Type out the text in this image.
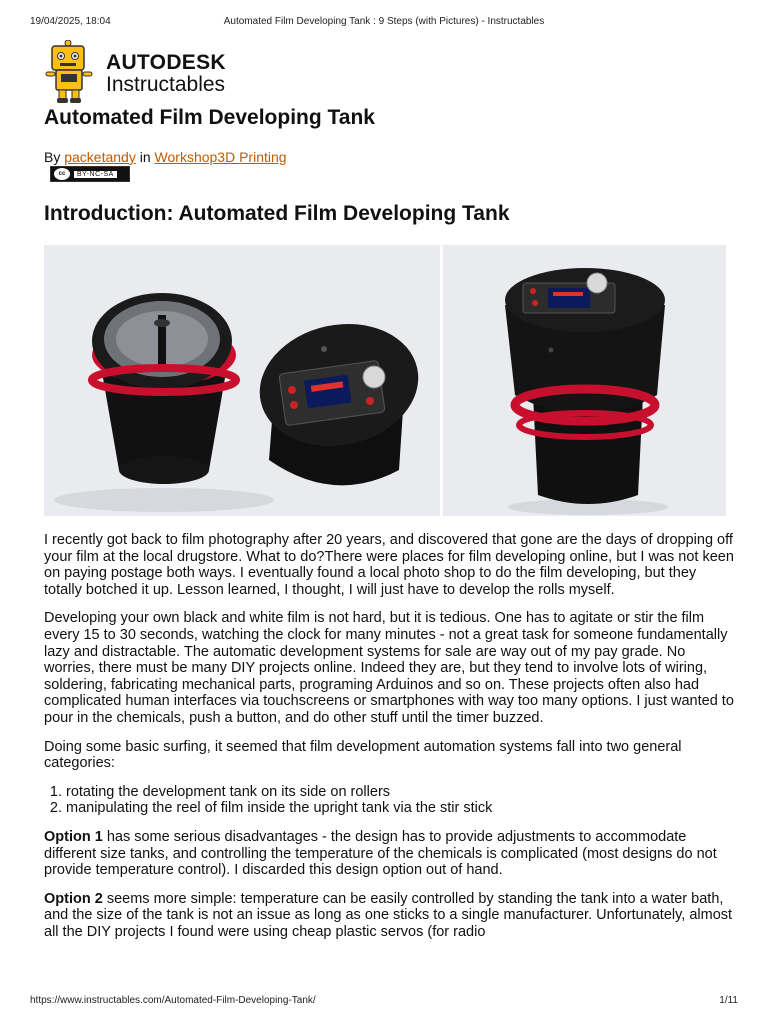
19/04/2025, 18:04	Automated Film Developing Tank : 9 Steps (with Pictures) - Instructables
AUTODESK
Instructables
Automated Film Developing Tank
By packetandy in Workshop3D Printing
cc	BY-NC-SA
Introduction: Automated Film Developing Tank

I recently got back to film photography after 20 years, and discovered that gone are the days of dropping off your film at the local drugstore. What to do?There were places for film developing online, but I was not keen on paying postage both ways. I eventually found a local photo shop to do the film developing, but they totally botched it up. Lesson learned, I thought, I will just have to develop the rolls myself.

Developing your own black and white film is not hard, but it is tedious. One has to agitate or stir the film every 15 to 30 seconds, watching the clock for many minutes - not a great task for someone fundamentally lazy and distractable. The automatic development systems for sale are way out of my pay grade. No worries, there must be many DIY projects online. Indeed they are, but they tend to involve lots of wiring, soldering, fabricating mechanical parts, programing Arduinos and so on. These projects often also had complicated human interfaces via touchscreens or smartphones with way too many options. I just wanted to pour in the chemicals, push a button, and do other stuff until the timer buzzed.

Doing some basic surfing, it seemed that film development automation systems fall into two general categories:

1. rotating the development tank on its side on rollers
2. manipulating the reel of film inside the upright tank via the stir stick

Option 1 has some serious disadvantages - the design has to provide adjustments to accommodate different size tanks, and controlling the temperature of the chemicals is complicated (most designs do not provide temperature control). I discarded this design option out of hand.

Option 2 seems more simple: temperature can be easily controlled by standing the tank into a water bath, and the size of the tank is not an issue as long as one sticks to a single manufacturer. Unfortunately, almost all the DIY projects I found were using cheap plastic servos (for radio

https://www.instructables.com/Automated-Film-Developing-Tank/	1/11
